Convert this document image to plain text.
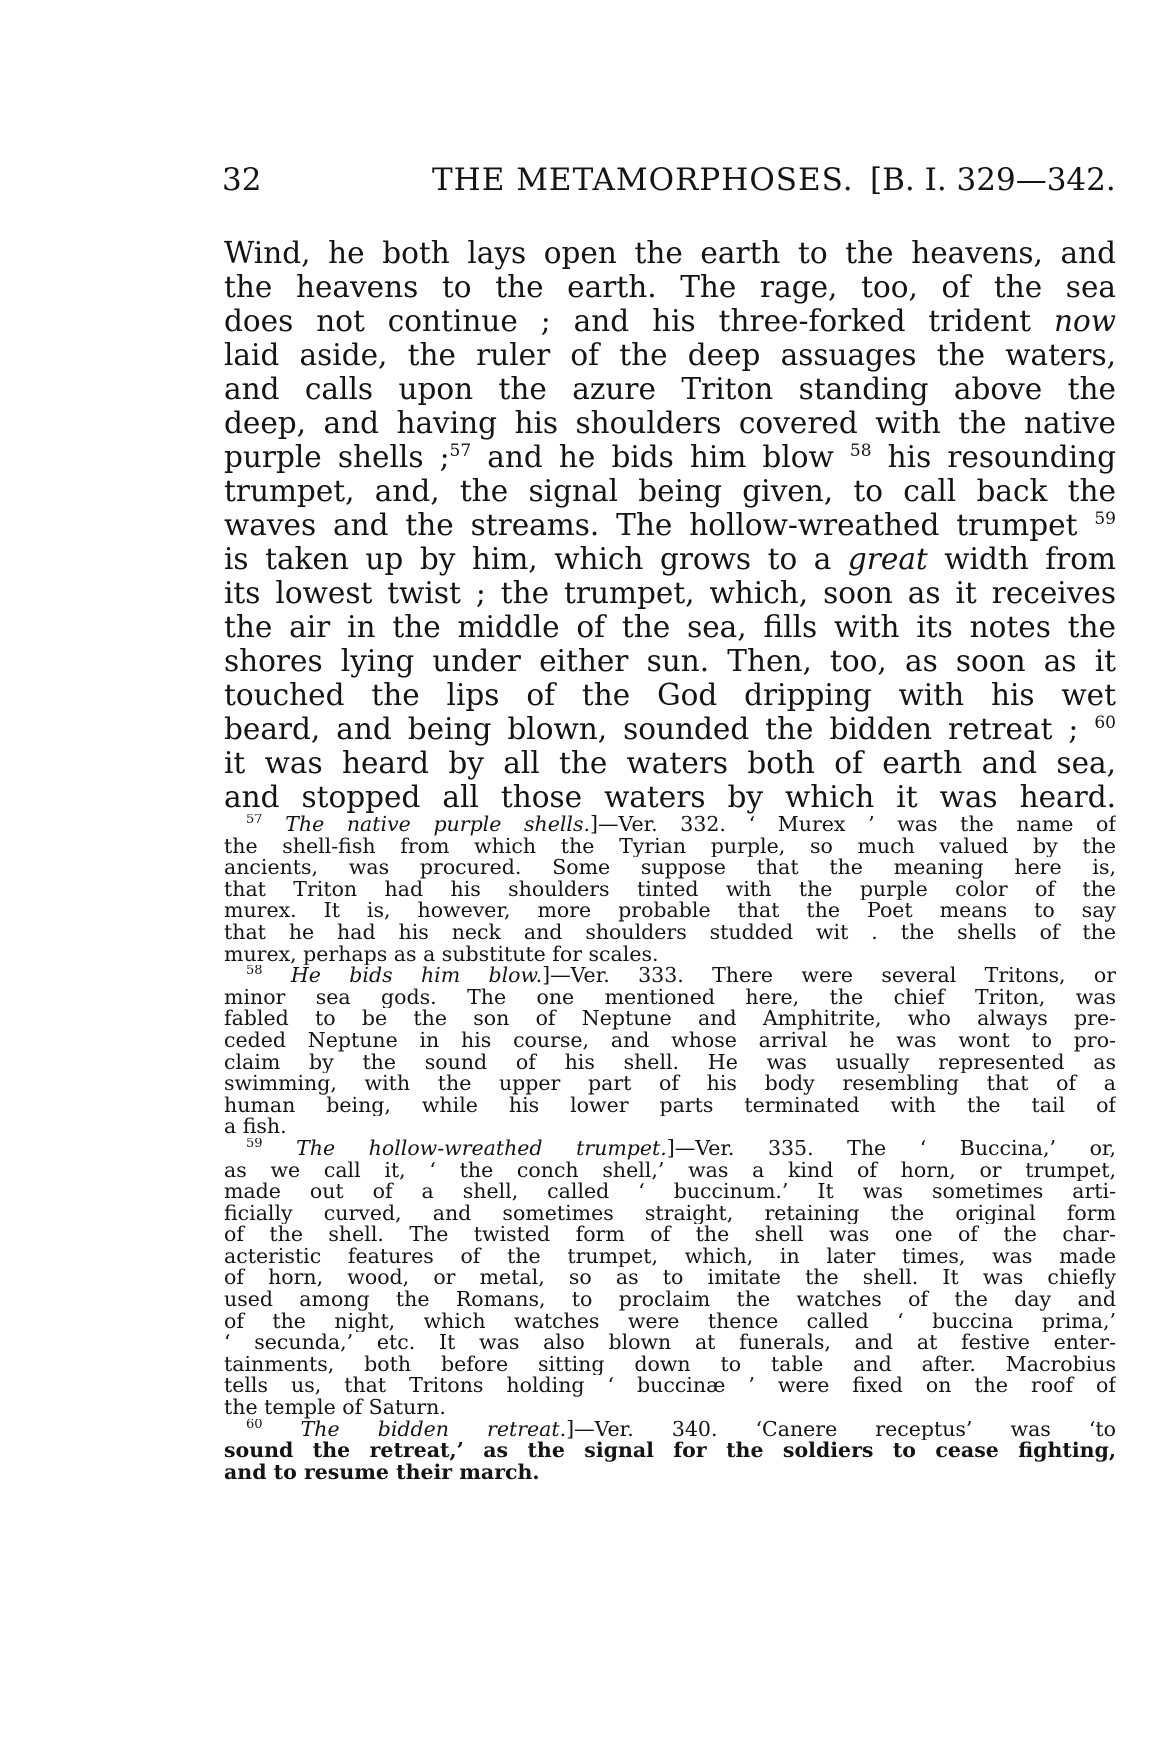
32	THE METAMORPHOSES. [B. I. 329—342.
Wind, he both lays open the earth to the heavens, and
the heavens to the earth. The rage, too, of the sea
does not continue ; and his three-forked trident now
laid aside, the ruler of the deep assuages the waters,
and calls upon the azure Triton standing above the
deep, and having his shoulders covered with the native
purple shells ;$^{57}$ and he bids him blow $^{58}$ his resounding
trumpet, and, the signal being given, to call back the
waves and the streams. The hollow-wreathed trumpet $^{59}$
is taken up by him, which grows to a great width from
its lowest twist ; the trumpet, which, soon as it receives
the air in the middle of the sea, fills with its notes the
shores lying under either sun. Then, too, as soon as it
touched the lips of the God dripping with his wet
beard, and being blown, sounded the bidden retreat ; $^{60}$
it was heard by all the waters both of earth and sea,
and stopped all those waters by which it was heard.
$^{57}$ The native purple shells.]—Ver. 332. ‘ Murex ’ was the name of
the shell-fish from which the Tyrian purple, so much valued by the
ancients, was procured. Some suppose that the meaning here is,
that Triton had his shoulders tinted with the purple color of the
murex. It is, however, more probable that the Poet means to say
that he had his neck and shoulders studded wit . the shells of the
murex, perhaps as a substitute for scales.
$^{58}$ He bids him blow.]—Ver. 333. There were several Tritons, or
minor sea gods. The one mentioned here, the chief Triton, was
fabled to be the son of Neptune and Amphitrite, who always pre-
ceded Neptune in his course, and whose arrival he was wont to pro-
claim by the sound of his shell. He was usually represented as
swimming, with the upper part of his body resembling that of a
human being, while his lower parts terminated with the tail of
a fish.
$^{59}$ The hollow-wreathed trumpet.]—Ver. 335. The ‘ Buccina,’ or,
as we call it, ‘ the conch shell,’ was a kind of horn, or trumpet,
made out of a shell, called ‘ buccinum.’ It was sometimes arti-
ficially curved, and sometimes straight, retaining the original form
of the shell. The twisted form of the shell was one of the char-
acteristic features of the trumpet, which, in later times, was made
of horn, wood, or metal, so as to imitate the shell. It was chiefly
used among the Romans, to proclaim the watches of the day and
of the night, which watches were thence called ‘ buccina prima,’
‘ secunda,’ etc. It was also blown at funerals, and at festive enter-
tainments, both before sitting down to table and after. Macrobius
tells us, that Tritons holding ‘ buccinæ ’ were fixed on the roof of
the temple of Saturn.
$^{60}$ The bidden retreat.]—Ver. 340. ‘Canere receptus’ was ‘to
sound the retreat,’ as the signal for the soldiers to cease fighting,
and to resume their march.
